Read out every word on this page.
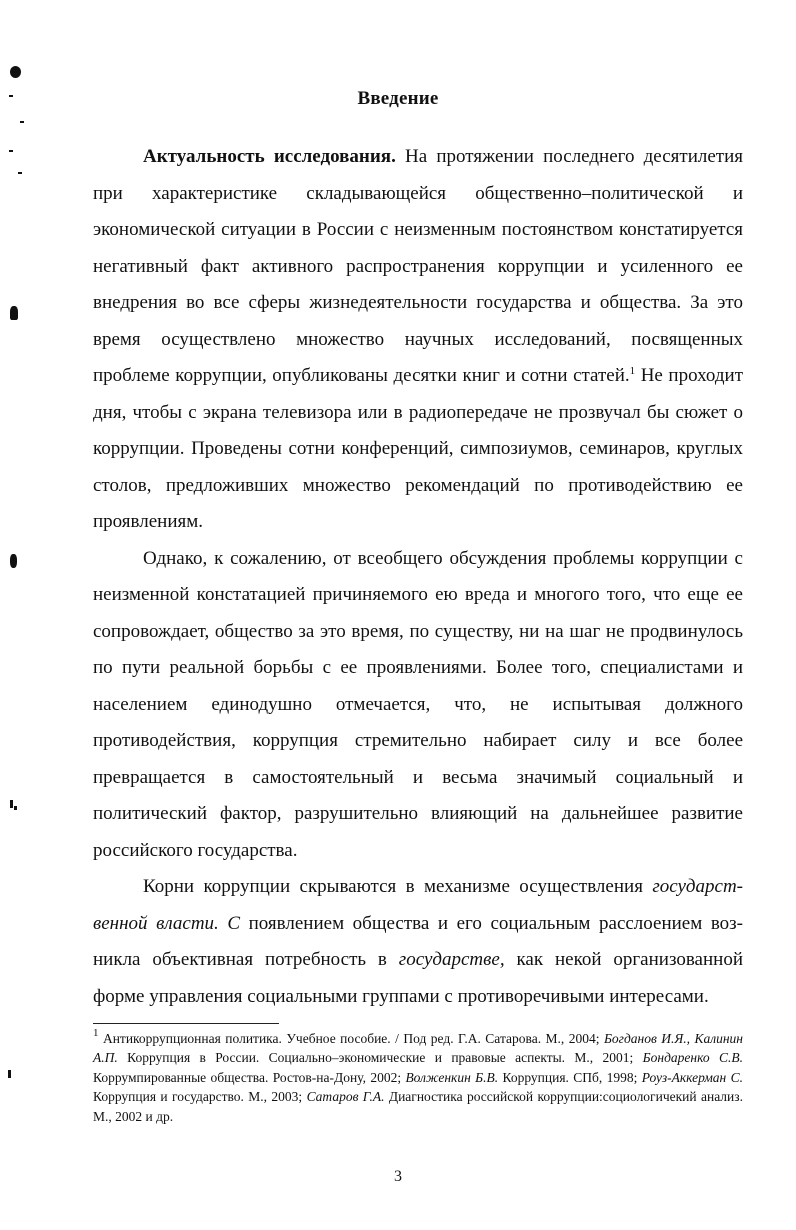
Введение

Актуальность исследования. На протяжении последнего десятилетия при характеристике складывающейся общественно–политической и экономической ситуации в России с неизменным постоянством констатируется негативный факт активного распространения коррупции и усиленного ее внедрения во все сферы жизнедеятельности государства и общества. За это время осуществлено множество научных исследований, посвященных проблеме коррупции, опубликованы десятки книг и сотни статей.$^1$ Не проходит дня, чтобы с экрана телевизора или в радиопередаче не прозвучал бы сюжет о коррупции. Проведены сотни конференций, симпозиумов, семинаров, круглых столов, предложивших множество рекомендаций по противодействию ее проявлениям.

Однако, к сожалению, от всеобщего обсуждения проблемы коррупции с неизменной констатацией причиняемого ею вреда и многого того, что еще ее сопровождает, общество за это время, по существу, ни на шаг не продвинулось по пути реальной борьбы с ее проявлениями. Более того, специалистами и населением единодушно отмечается, что, не испытывая должного противодействия, коррупция стремительно набирает силу и все более превращается в самостоятельный и весьма значимый социальный и политический фактор, разрушительно влияющий на дальнейшее развитие российского государства.

Корни коррупции скрываются в механизме осуществления государст-венной власти. С появлением общества и его социальным расслоением воз-никла объективная потребность в государстве, как некой организованной форме управления социальными группами с противоречивыми интересами.

$^1$ Антикоррупционная политика. Учебное пособие. / Под ред. Г.А. Сатарова. М., 2004; Богданов И.Я., Калинин А.П. Коррупция в России. Социально–экономические и правовые аспекты. М., 2001; Бондаренко С.В. Коррумпированные общества. Ростов-на-Дону, 2002; Волженкин Б.В. Коррупция. СПб, 1998; Роуз-Аккерман С. Коррупция и государство. М., 2003; Сатаров Г.А. Диагностика российской коррупции:социологичекий анализ. М., 2002 и др.

3
